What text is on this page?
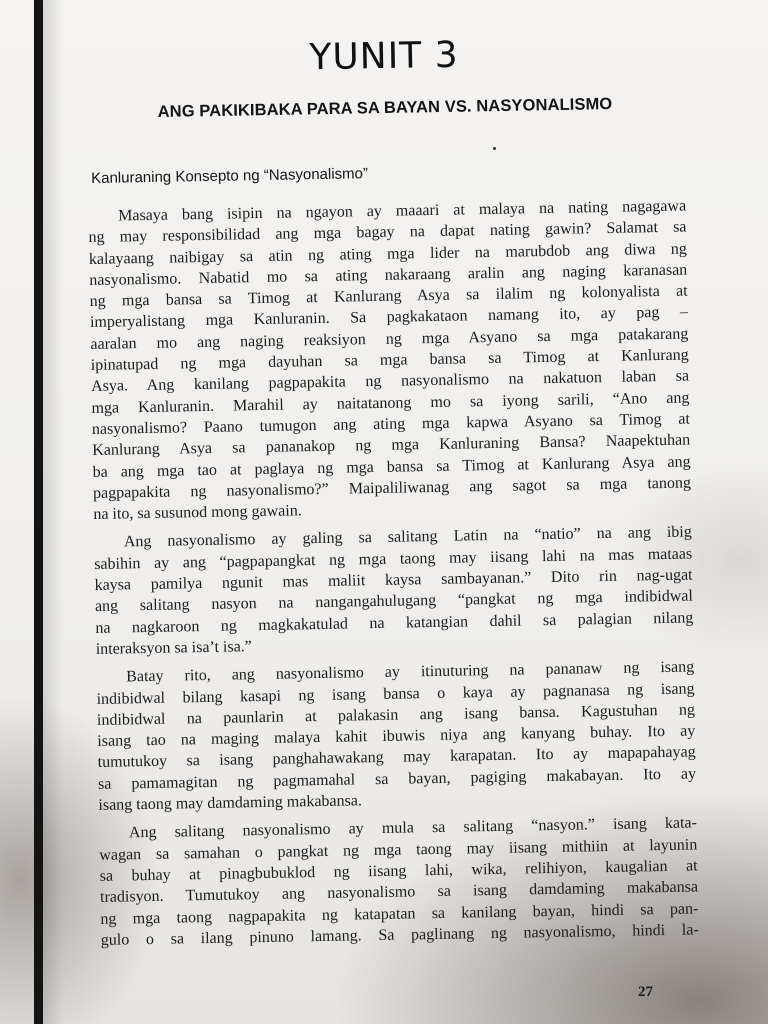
YUNIT 3
ANG PAKIKIBAKA PARA SA BAYAN VS. NASYONALISMO
Kanluraning Konsepto ng “Nasyonalismo”
Masaya bang isipin na ngayon ay maaari at malaya na nating nagagawa
ng may responsibilidad ang mga bagay na dapat nating gawin? Salamat sa
kalayaang naibigay sa atin ng ating mga lider na marubdob ang diwa ng
nasyonalismo. Nabatid mo sa ating nakaraang aralin ang naging karanasan
ng mga bansa sa Timog at Kanlurang Asya sa ilalim ng kolonyalista at
imperyalistang mga Kanluranin. Sa pagkakataon namang ito, ay pag –
aaralan mo ang naging reaksiyon ng mga Asyano sa mga patakarang
ipinatupad ng mga dayuhan sa mga bansa sa Timog at Kanlurang
Asya. Ang kanilang pagpapakita ng nasyonalismo na nakatuon laban sa
mga Kanluranin. Marahil ay naitatanong mo sa iyong sarili, “Ano ang
nasyonalismo? Paano tumugon ang ating mga kapwa Asyano sa Timog at
Kanlurang Asya sa pananakop ng mga Kanluraning Bansa? Naapektuhan
ba ang mga tao at paglaya ng mga bansa sa Timog at Kanlurang Asya ang
pagpapakita ng nasyonalismo?” Maipaliliwanag ang sagot sa mga tanong
na ito, sa susunod mong gawain.
Ang nasyonalismo ay galing sa salitang Latin na “natio” na ang ibig
sabihin ay ang “pagpapangkat ng mga taong may iisang lahi na mas mataas
kaysa pamilya ngunit mas maliit kaysa sambayanan.” Dito rin nag-ugat
ang salitang nasyon na nangangahulugang “pangkat ng mga indibidwal
na nagkaroon ng magkakatulad na katangian dahil sa palagian nilang
interaksyon sa isa’t isa.”
Batay rito, ang nasyonalismo ay itinuturing na pananaw ng isang
indibidwal bilang kasapi ng isang bansa o kaya ay pagnanasa ng isang
indibidwal na paunlarin at palakasin ang isang bansa. Kagustuhan ng
isang tao na maging malaya kahit ibuwis niya ang kanyang buhay. Ito ay
tumutukoy sa isang panghahawakang may karapatan. Ito ay mapapahayag
sa pamamagitan ng pagmamahal sa bayan, pagiging makabayan. Ito ay
isang taong may damdaming makabansa.
Ang salitang nasyonalismo ay mula sa salitang “nasyon.” isang kata-
wagan sa samahan o pangkat ng mga taong may iisang mithiin at layunin
sa buhay at pinagbubuklod ng iisang lahi, wika, relihiyon, kaugalian at
tradisyon. Tumutukoy ang nasyonalismo sa isang damdaming makabansa
ng mga taong nagpapakita ng katapatan sa kanilang bayan, hindi sa pan-
gulo o sa ilang pinuno lamang. Sa paglinang ng nasyonalismo, hindi la-
27
